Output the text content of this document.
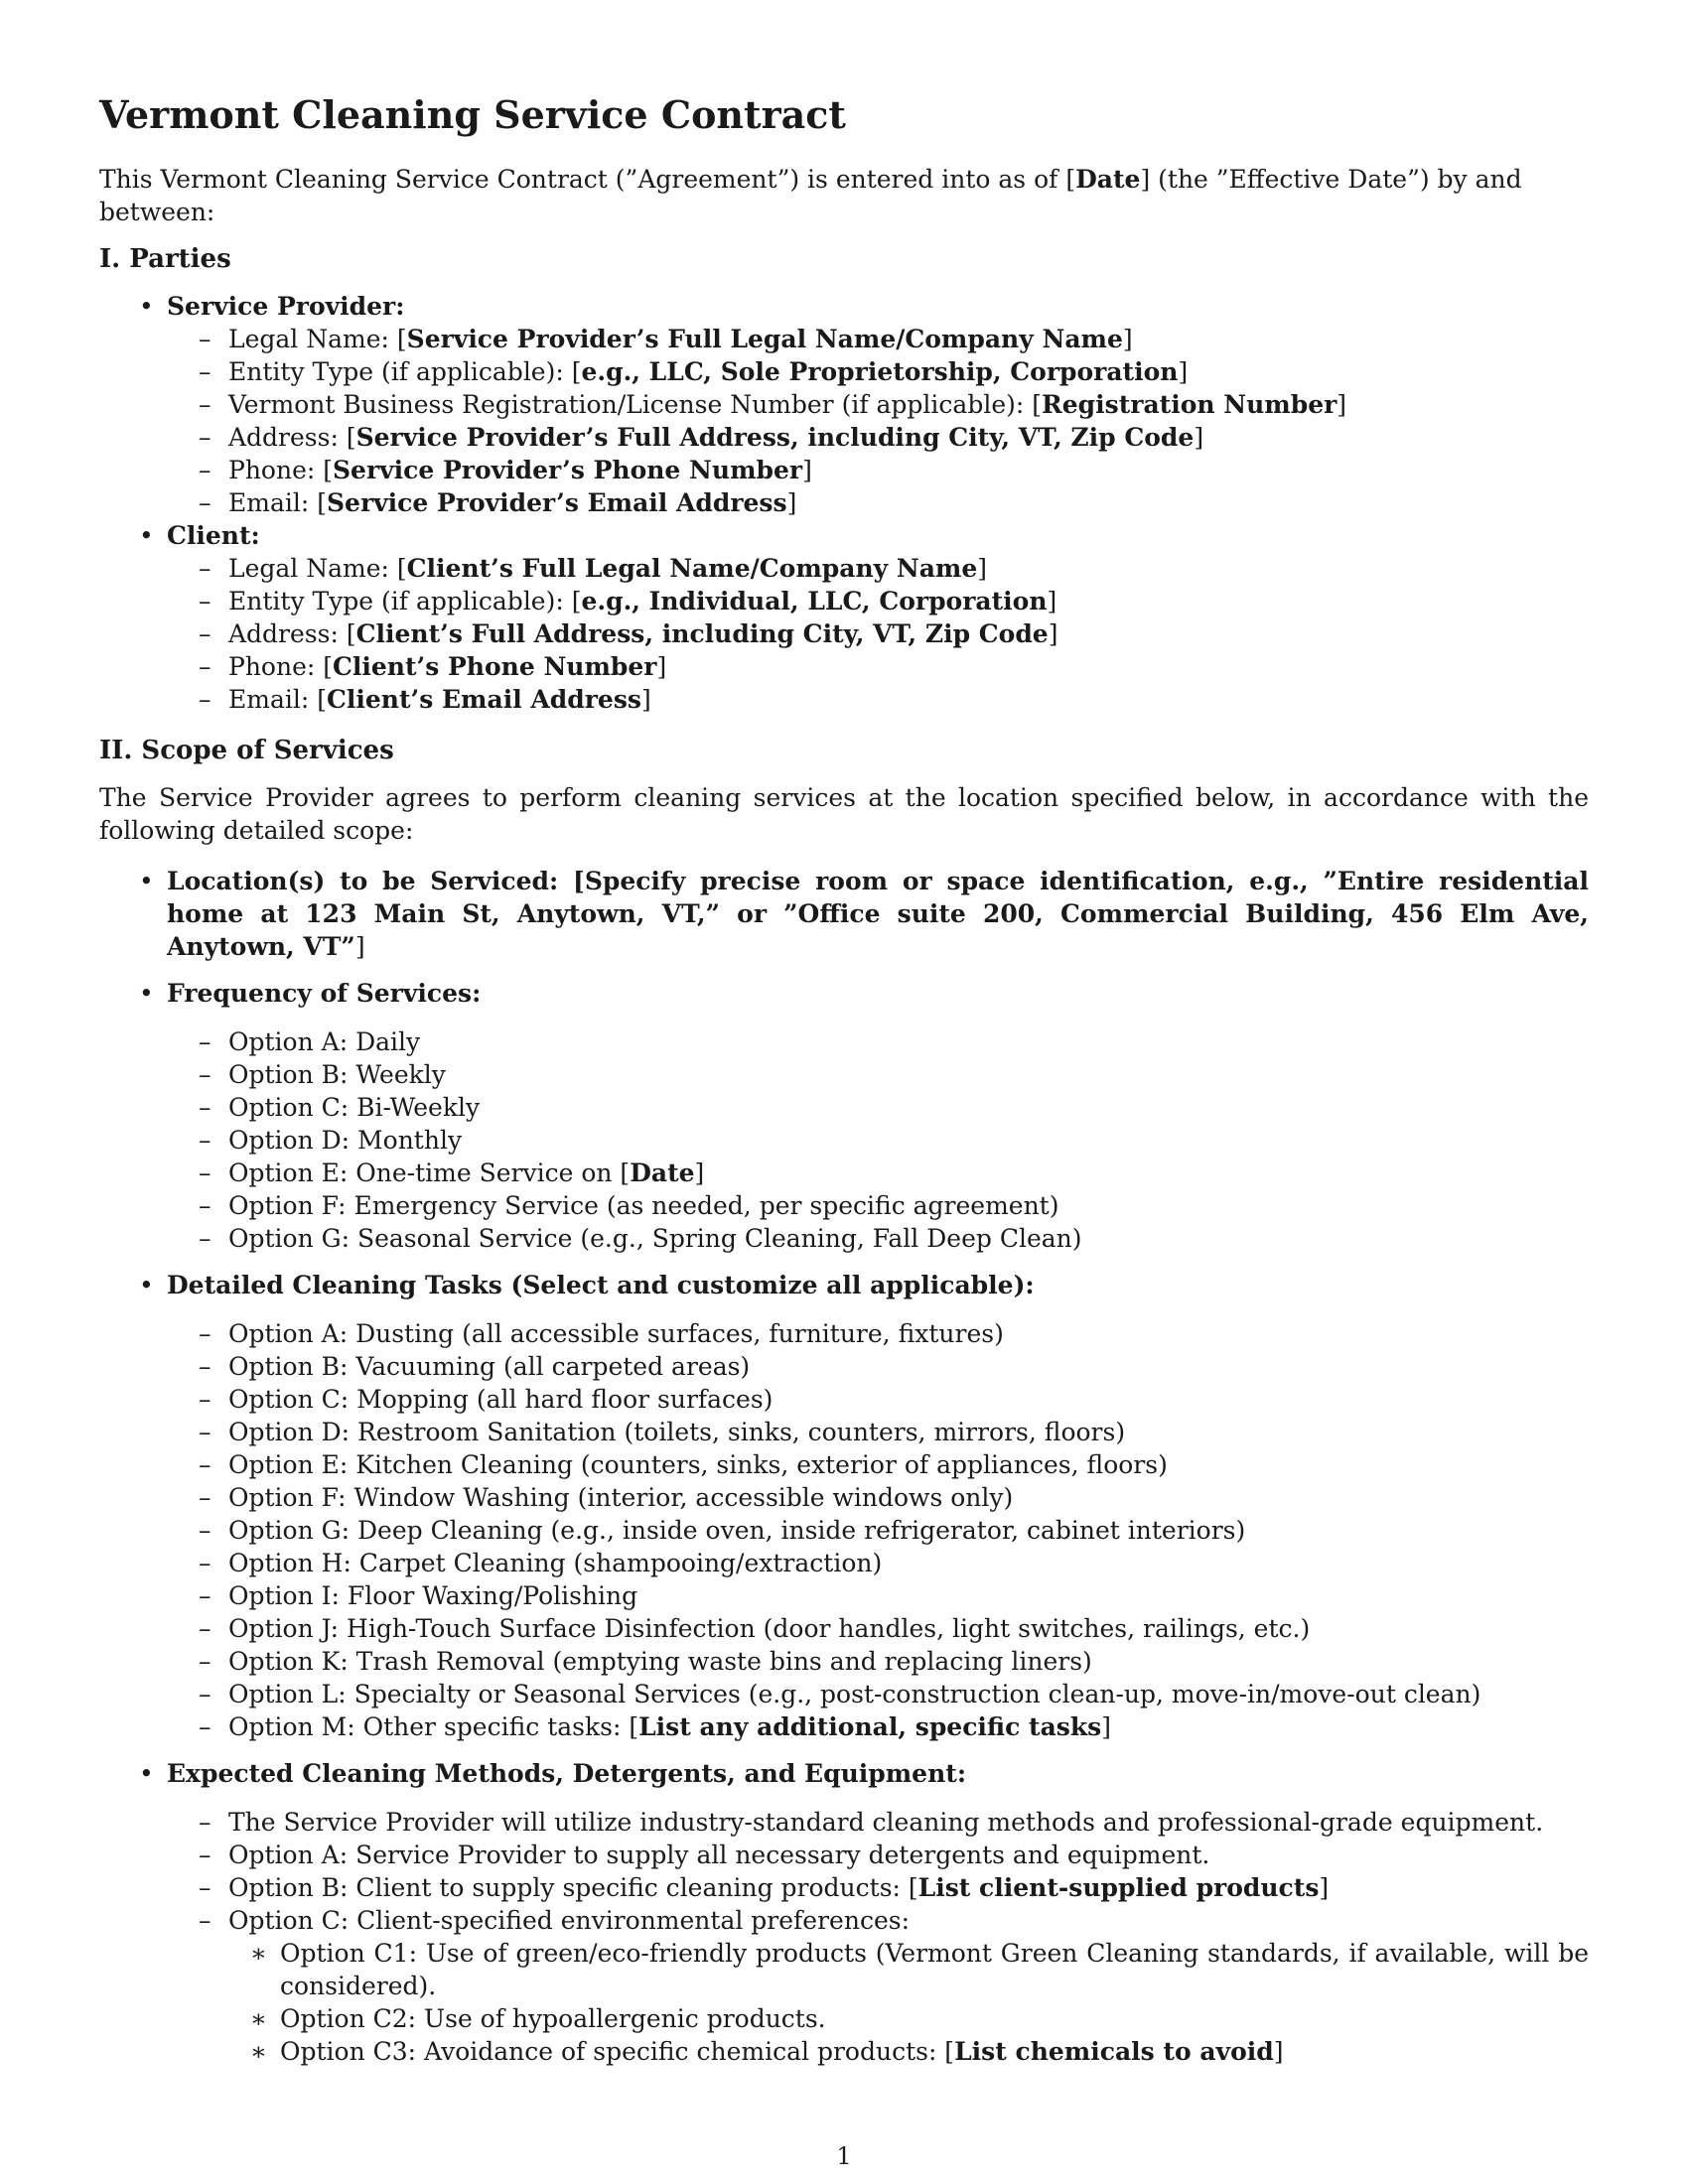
Vermont Cleaning Service Contract

This Vermont Cleaning Service Contract (”Agreement”) is entered into as of [Date] (the ”Effective Date”) by and between:

I. Parties
• Service Provider:
– Legal Name: [Service Provider’s Full Legal Name/Company Name]
– Entity Type (if applicable): [e.g., LLC, Sole Proprietorship, Corporation]
– Vermont Business Registration/License Number (if applicable): [Registration Number]
– Address: [Service Provider’s Full Address, including City, VT, Zip Code]
– Phone: [Service Provider’s Phone Number]
– Email: [Service Provider’s Email Address]
• Client:
– Legal Name: [Client’s Full Legal Name/Company Name]
– Entity Type (if applicable): [e.g., Individual, LLC, Corporation]
– Address: [Client’s Full Address, including City, VT, Zip Code]
– Phone: [Client’s Phone Number]
– Email: [Client’s Email Address]
II. Scope of Services

The Service Provider agrees to perform cleaning services at the location specified below, in accordance with the following detailed scope:

• Location(s) to be Serviced: [Specify precise room or space identification, e.g., ”Entire residential home at 123 Main St, Anytown, VT,” or ”Office suite 200, Commercial Building, 456 Elm Ave, Anytown, VT”]
• Frequency of Services:
– Option A: Daily
– Option B: Weekly
– Option C: Bi-Weekly
– Option D: Monthly
– Option E: One-time Service on [Date]
– Option F: Emergency Service (as needed, per specific agreement)
– Option G: Seasonal Service (e.g., Spring Cleaning, Fall Deep Clean)
• Detailed Cleaning Tasks (Select and customize all applicable):
– Option A: Dusting (all accessible surfaces, furniture, fixtures)
– Option B: Vacuuming (all carpeted areas)
– Option C: Mopping (all hard floor surfaces)
– Option D: Restroom Sanitation (toilets, sinks, counters, mirrors, floors)
– Option E: Kitchen Cleaning (counters, sinks, exterior of appliances, floors)
– Option F: Window Washing (interior, accessible windows only)
– Option G: Deep Cleaning (e.g., inside oven, inside refrigerator, cabinet interiors)
– Option H: Carpet Cleaning (shampooing/extraction)
– Option I: Floor Waxing/Polishing
– Option J: High-Touch Surface Disinfection (door handles, light switches, railings, etc.)
– Option K: Trash Removal (emptying waste bins and replacing liners)
– Option L: Specialty or Seasonal Services (e.g., post-construction clean-up, move-in/move-out clean)
– Option M: Other specific tasks: [List any additional, specific tasks]
• Expected Cleaning Methods, Detergents, and Equipment:
– The Service Provider will utilize industry-standard cleaning methods and professional-grade equipment.
– Option A: Service Provider to supply all necessary detergents and equipment.
– Option B: Client to supply specific cleaning products: [List client-supplied products]
– Option C: Client-specified environmental preferences:
∗ Option C1: Use of green/eco-friendly products (Vermont Green Cleaning standards, if available, will be considered).
∗ Option C2: Use of hypoallergenic products.
∗ Option C3: Avoidance of specific chemical products: [List chemicals to avoid]
1
